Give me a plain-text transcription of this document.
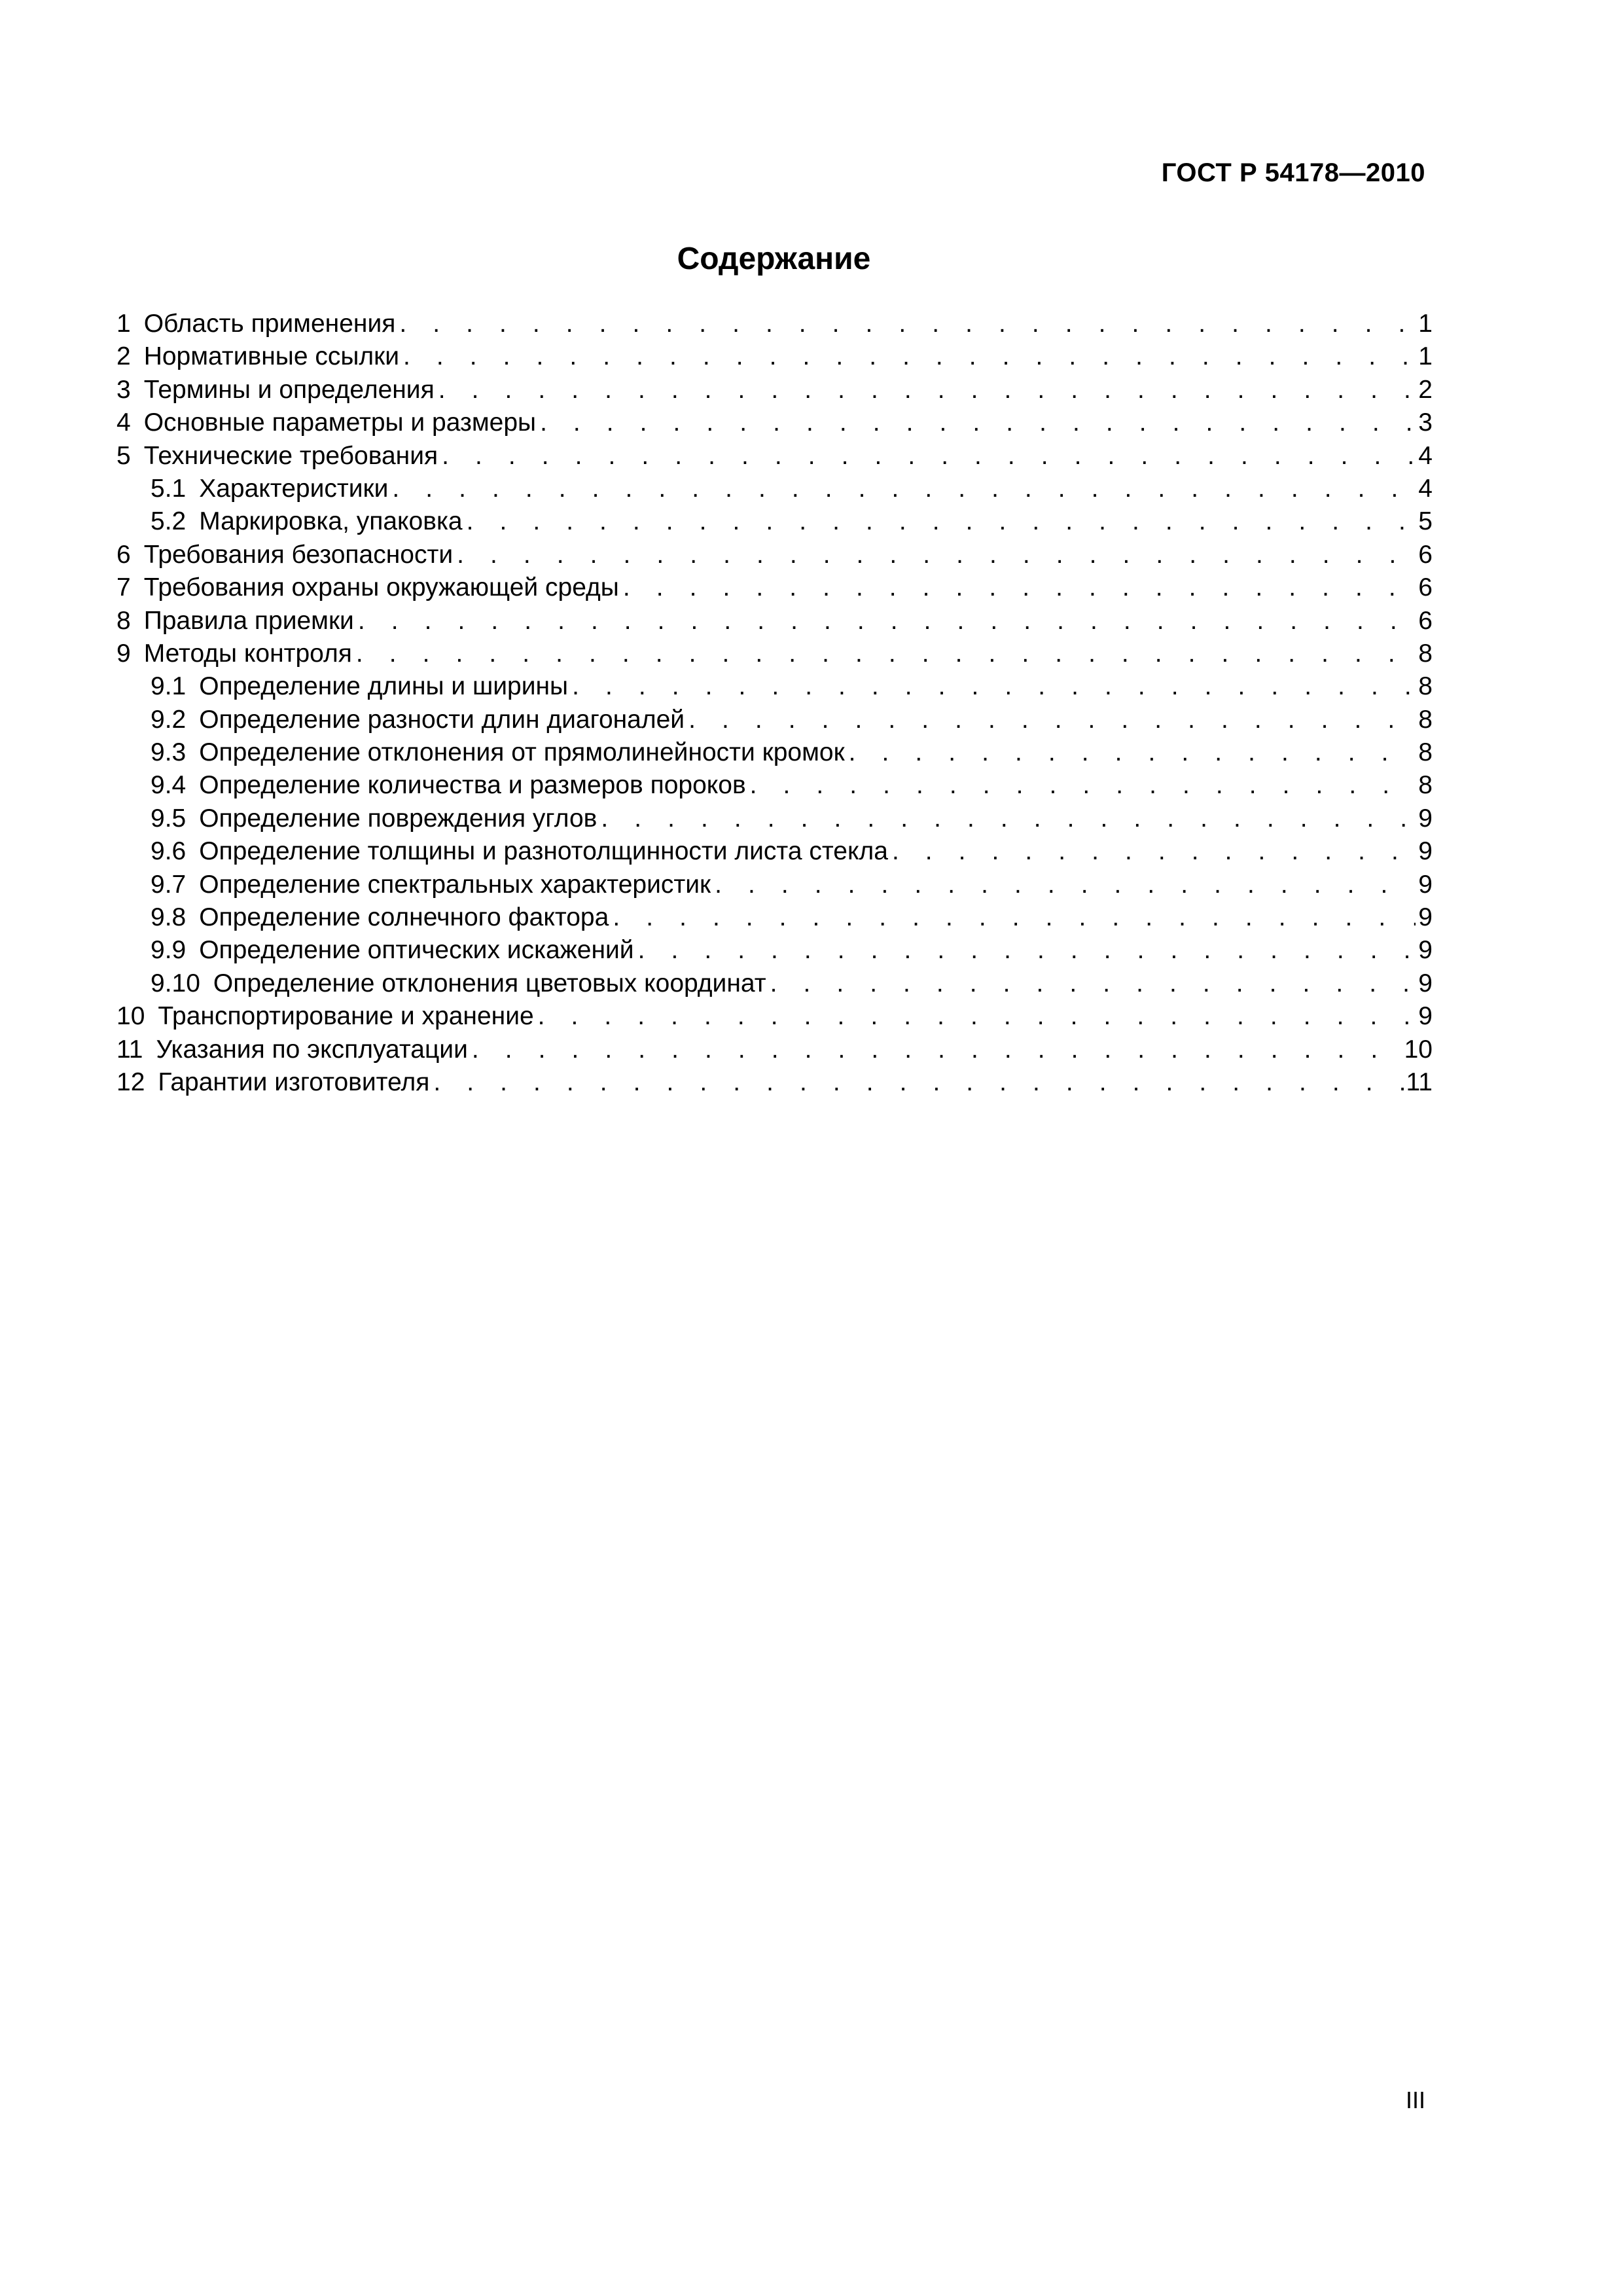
ГОСТ Р 54178—2010
Содержание
1 Область применения . . .	1
2 Нормативные ссылки . . .	1
3 Термины и определения . . .	2
4 Основные параметры и размеры . . .	3
5 Технические требования . . .	4
5.1 Характеристики . . .	4
5.2 Маркировка, упаковка . . .	5
6 Требования безопасности . . .	6
7 Требования охраны окружающей среды . . .	6
8 Правила приемки . . .	6
9 Методы контроля . . .	8
9.1 Определение длины и ширины . . .	8
9.2 Определение разности длин диагоналей . . .	8
9.3 Определение отклонения от прямолинейности кромок . . .	8
9.4 Определение количества и размеров пороков . . .	8
9.5 Определение повреждения углов . . .	9
9.6 Определение толщины и разнотолщинности листа стекла . . .	9
9.7 Определение спектральных характеристик . . .	9
9.8 Определение солнечного фактора . . .	9
9.9 Определение оптических искажений . . .	9
9.10 Определение отклонения цветовых координат . . .	9
10 Транспортирование и хранение . . .	9
11 Указания по эксплуатации . . .	10
12 Гарантии изготовителя . . .	11
III
